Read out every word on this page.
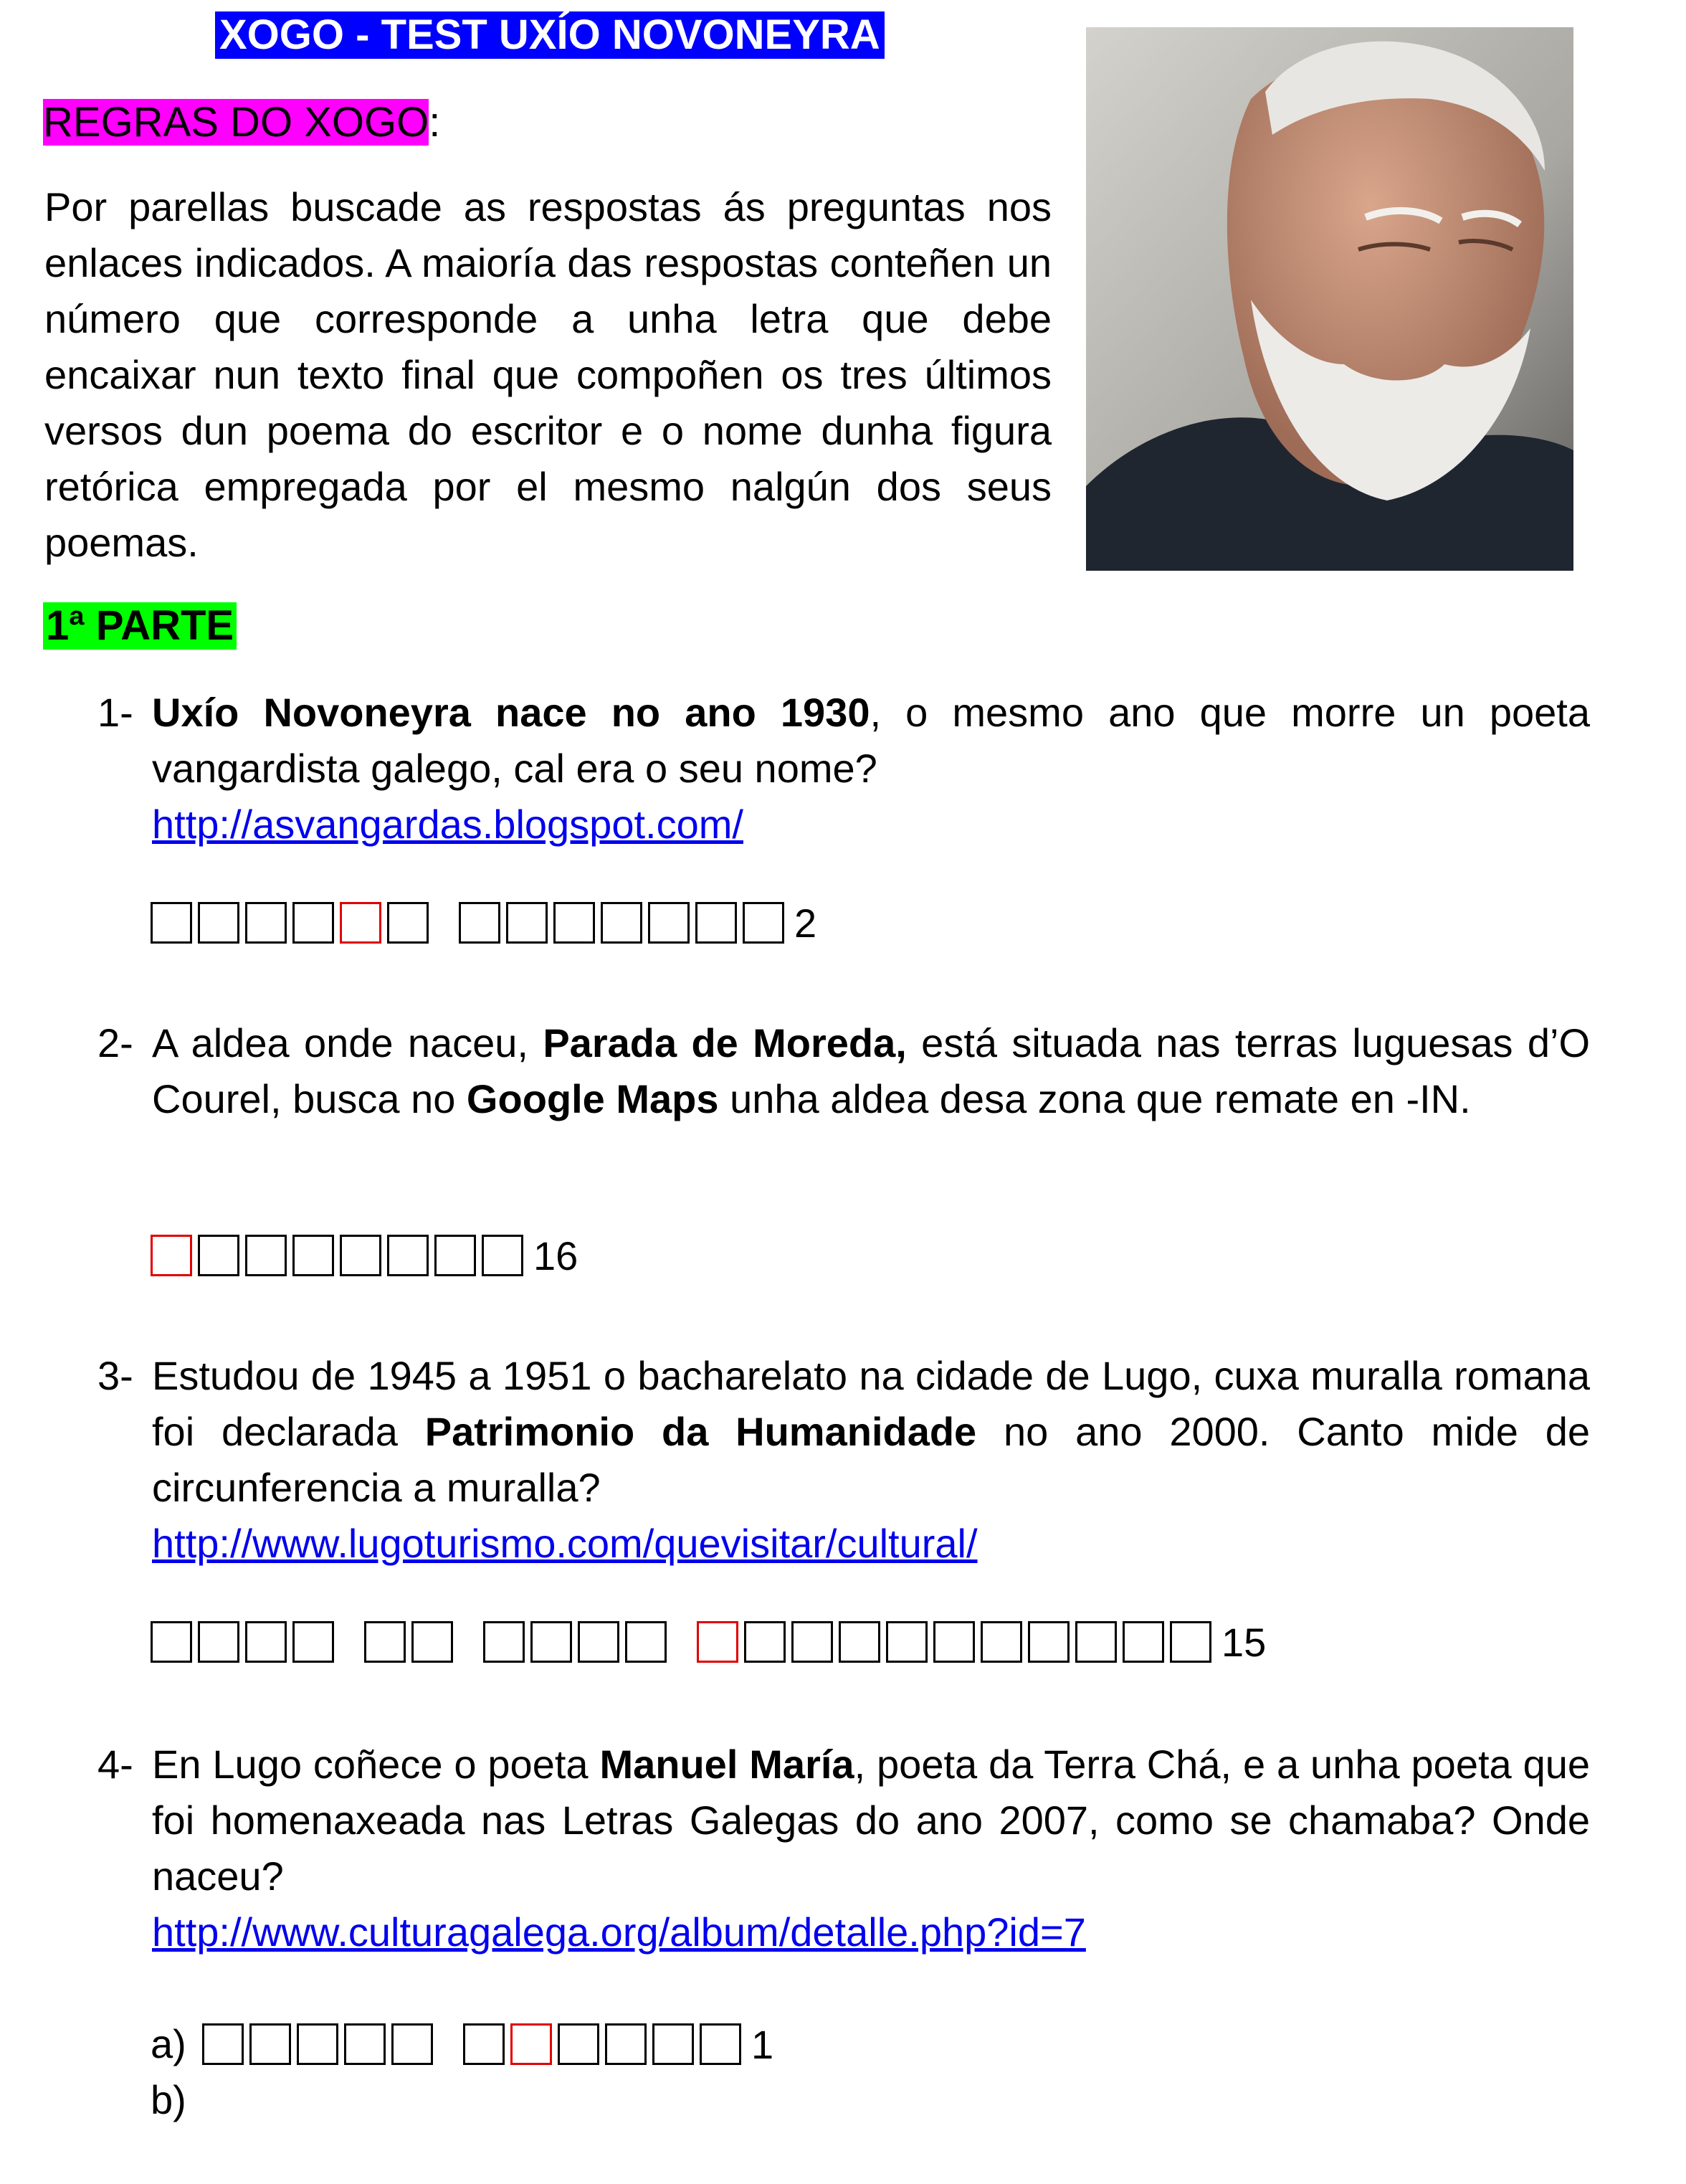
XOGO - TEST UXÍO NOVONEYRA
REGRAS DO XOGO:

Por parellas buscade as respostas ás preguntas nos enlaces indicados. A maioría das respostas conteñen un número que corresponde a unha letra que debe encaixar nun texto final que compoñen os tres últimos versos dun poema do escritor e o nome dunha figura retórica empregada por el mesmo nalgún dos seus poemas.

1ª PARTE
1- Uxío Novoneyra nace no ano 1930, o mesmo ano que morre un poeta vangardista galego, cal era o seu nome?
http://asvangardas.blogspot.com/
2
2- A aldea onde naceu, Parada de Moreda, está situada nas terras luguesas d’O Courel, busca no Google Maps unha aldea desa zona que remate en -IN.
16
3- Estudou de 1945 a 1951 o bacharelato na cidade de Lugo, cuxa muralla romana foi declarada Patrimonio da Humanidade no ano 2000. Canto mide de circunferencia a muralla?
http://www.lugoturismo.com/quevisitar/cultural/
15
4- En Lugo coñece o poeta Manuel María, poeta da Terra Chá, e a unha poeta que foi homenaxeada nas Letras Galegas do ano 2007, como se chamaba? Onde naceu?
http://www.culturagalega.org/album/detalle.php?id=7
a)	1
b)
